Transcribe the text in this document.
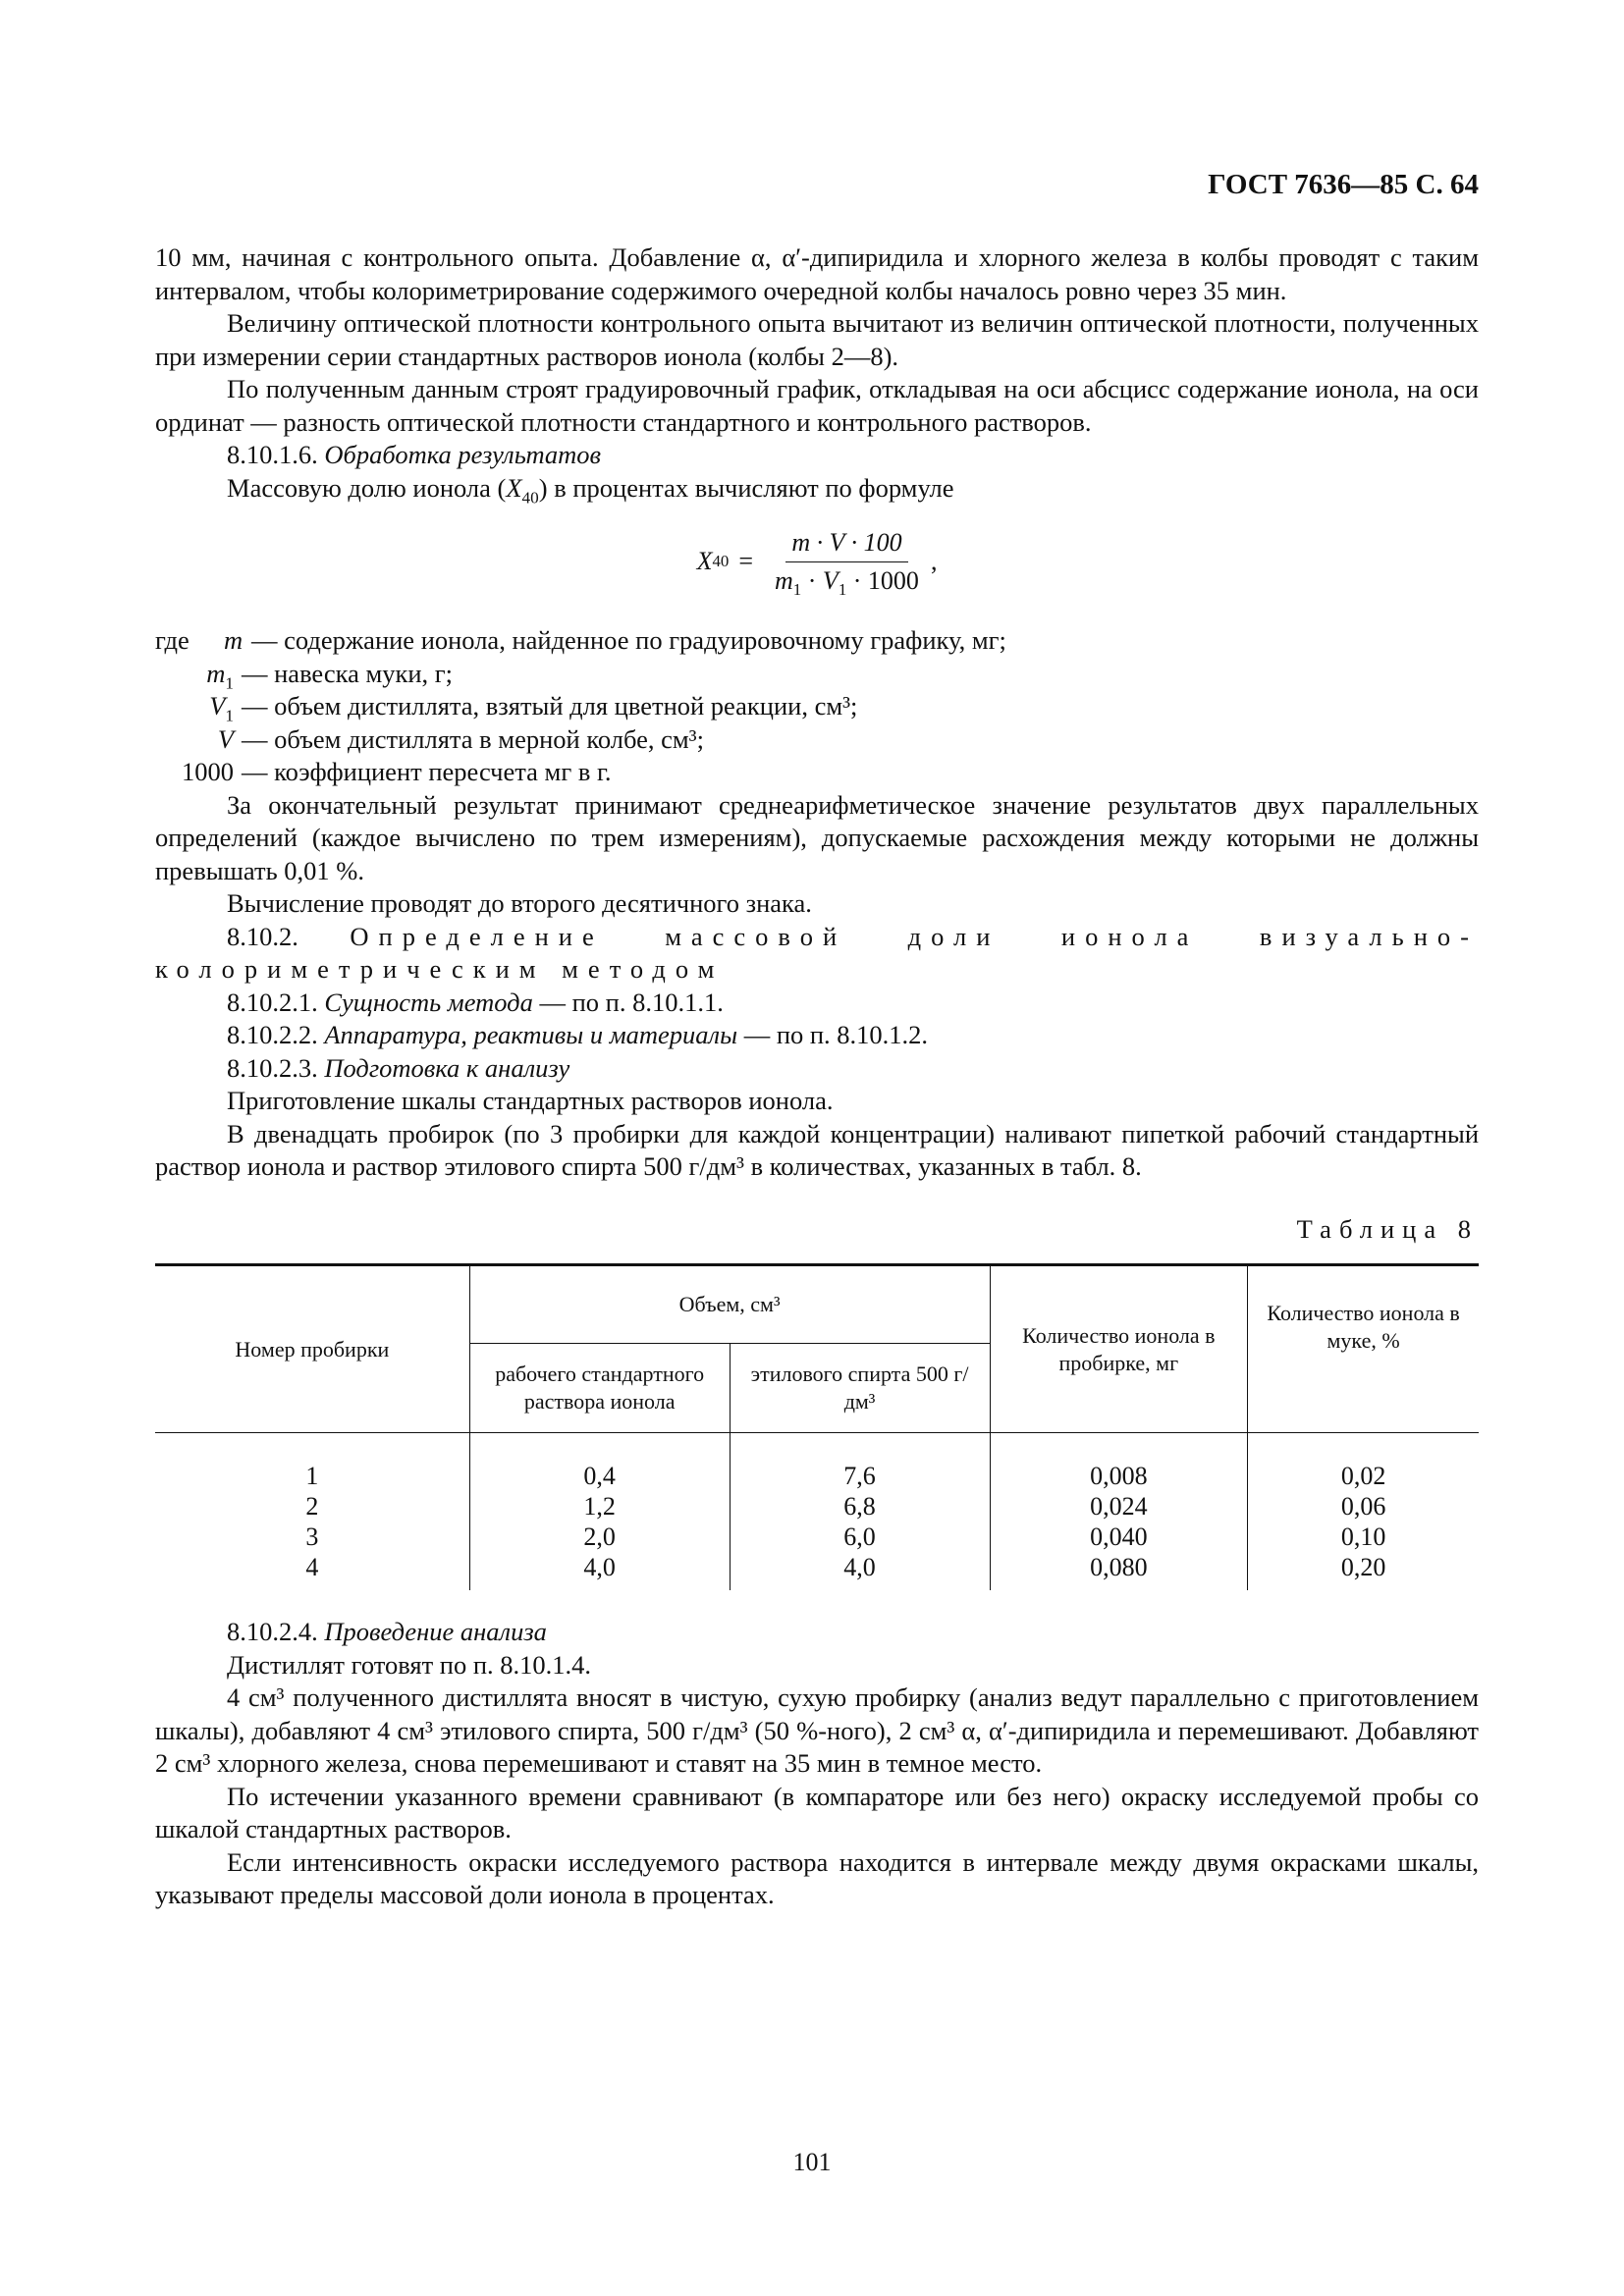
ГОСТ 7636—85 С. 64

10 мм, начиная с контрольного опыта. Добавление α, α′-дипиридила и хлорного железа в колбы проводят с таким интервалом, чтобы колориметрирование содержимого очередной колбы началось ровно через 35 мин.

Величину оптической плотности контрольного опыта вычитают из величин оптической плотности, полученных при измерении серии стандартных растворов ионола (колбы 2—8).

По полученным данным строят градуировочный график, откладывая на оси абсцисс содержание ионола, на оси ординат — разность оптической плотности стандартного и контрольного растворов.

8.10.1.6. Обработка результатов

Массовую долю ионола $(X_{40})$ в процентах вычисляют по формуле

X $40 = \frac{m \cdot V \cdot 100}{m_1 \cdot V_1 \cdot 1000}$ ,
где	m — содержание ионола, найденное по градуировочному графику, мг;
$m_1$ — навеска муки, г;
$V_1$ — объем дистиллята, взятый для цветной реакции, см³;
V — объем дистиллята в мерной колбе, см³;
1000 — коэффициент пересчета мг в г.

За окончательный результат принимают среднеарифметическое значение результатов двух параллельных определений (каждое вычислено по трем измерениям), допускаемые расхождения между которыми не должны превышать 0,01 %.

Вычисление проводят до второго десятичного знака.

8.10.2. Определение массовой доли ионола визуально-колориметрическим методом

8.10.2.1. Сущность метода — по п. 8.10.1.1.

8.10.2.2. Аппаратура, реактивы и материалы — по п. 8.10.1.2.

8.10.2.3. Подготовка к анализу

Приготовление шкалы стандартных растворов ионола.

В двенадцать пробирок (по 3 пробирки для каждой концентрации) наливают пипеткой рабочий стандартный раствор ионола и раствор этилового спирта 500 г/дм³ в количествах, указанных в табл. 8.

Таблица 8
Номер пробирки	Объем, см³		Количество ионола в пробирке, мг	Количество ионола в муке, %
	рабочего стандартного раствора ионола	этилового спирта 500 г/дм³		
1	0,4	7,6	0,008	0,02
2	1,2	6,8	0,024	0,06
3	2,0	6,0	0,040	0,10
4	4,0	4,0	0,080	0,20

8.10.2.4. Проведение анализа

Дистиллят готовят по п. 8.10.1.4.

4 см³ полученного дистиллята вносят в чистую, сухую пробирку (анализ ведут параллельно с приготовлением шкалы), добавляют 4 см³ этилового спирта, 500 г/дм³ (50 %-ного), 2 см³ α, α′-дипиридила и перемешивают. Добавляют 2 см³ хлорного железа, снова перемешивают и ставят на 35 мин в темное место.

По истечении указанного времени сравнивают (в компараторе или без него) окраску исследуемой пробы со шкалой стандартных растворов.

Если интенсивность окраски исследуемого раствора находится в интервале между двумя окрасками шкалы, указывают пределы массовой доли ионола в процентах.

101
